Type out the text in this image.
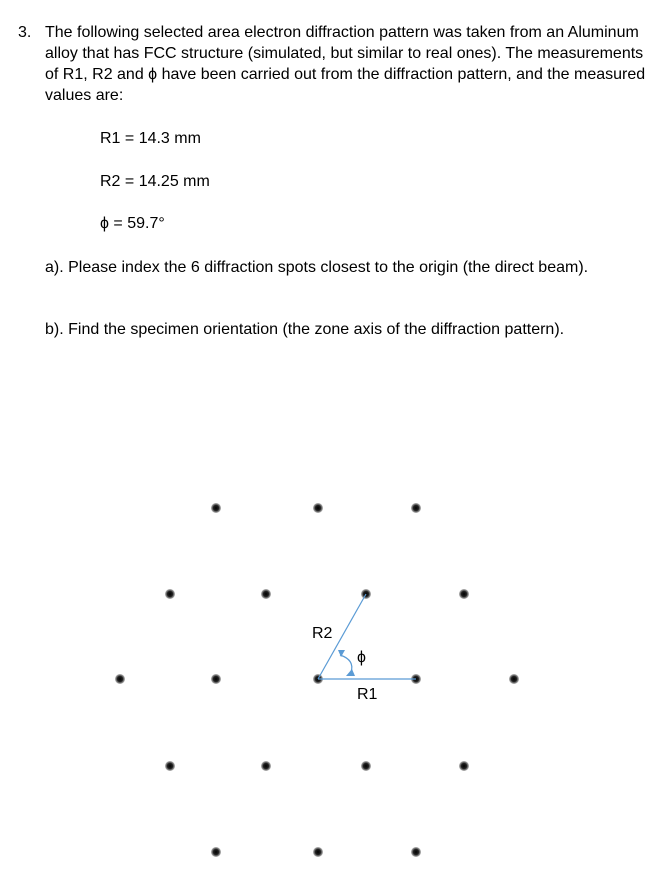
3. The following selected area electron diffraction pattern was taken from an Aluminum alloy that has FCC structure (simulated, but similar to real ones). The measurements of R1, R2 and ϕ have been carried out from the diffraction pattern, and the measured values are:
R1 = 14.3 mm
R2 = 14.25 mm
ϕ = 59.7°
a). Please index the 6 diffraction spots closest to the origin (the direct beam).
b). Find the specimen orientation (the zone axis of the diffraction pattern).
R2
ϕ
R1
